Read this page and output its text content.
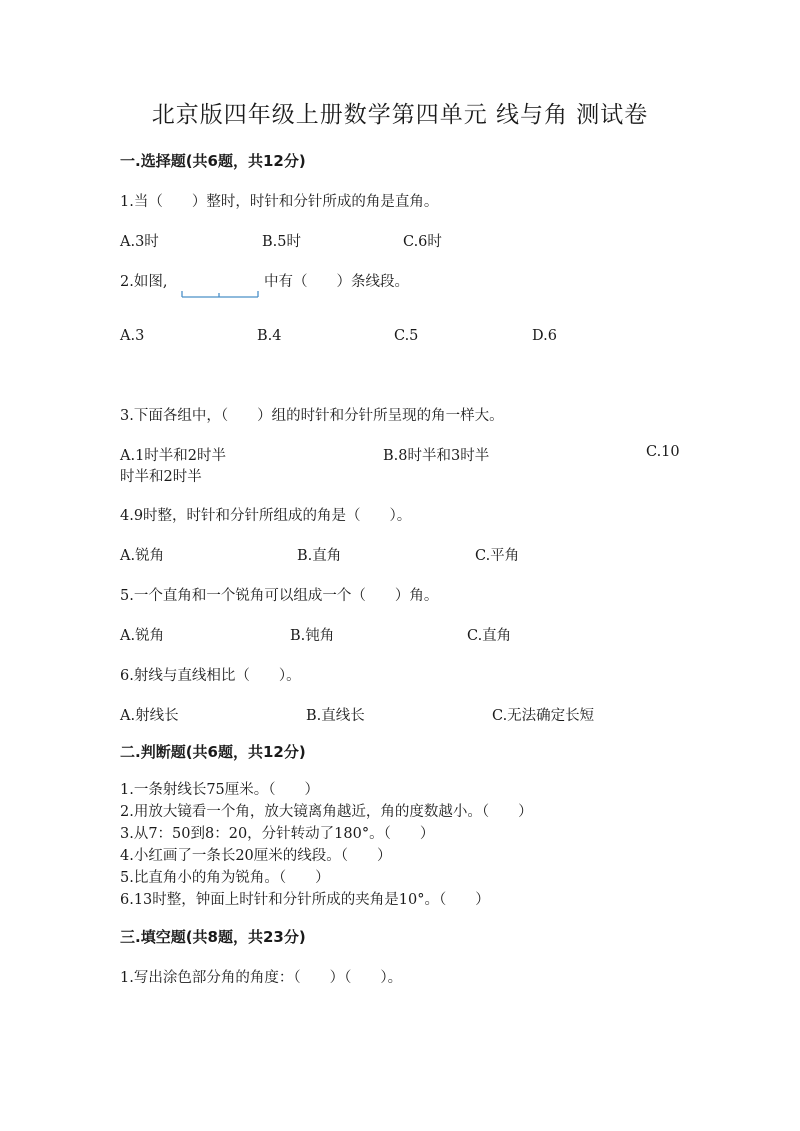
北京版四年级上册数学第四单元 线与角 测试卷
一.选择题(共6题，共12分)
1.当（　　）整时，时针和分针所成的角是直角。
A.3时	B.5时	C.6时
2.如图,	中有（　　）条线段。
A.3	B.4	C.5	D.6
3.下面各组中，（　　）组的时针和分针所呈现的角一样大。
A.1时半和2时半	B.8时半和3时半	C.10
时半和2时半
4.9时整，时针和分针所组成的角是（　　）。
A.锐角	B.直角	C.平角
5.一个直角和一个锐角可以组成一个（　　）角。
A.锐角	B.钝角	C.直角
6.射线与直线相比（　　）。
A.射线长	B.直线长	C.无法确定长短
二.判断题(共6题，共12分)
1.一条射线长75厘米。（　　）
2.用放大镜看一个角，放大镜离角越近，角的度数越小。（　　）
3.从7：50到8：20，分针转动了180°。（　　）
4.小红画了一条长20厘米的线段。（　　）
5.比直角小的角为锐角。（　　）
6.13时整，钟面上时针和分针所成的夹角是10°。（　　）
三.填空题(共8题，共23分)
1.写出涂色部分角的角度：（　　）（　　）。
